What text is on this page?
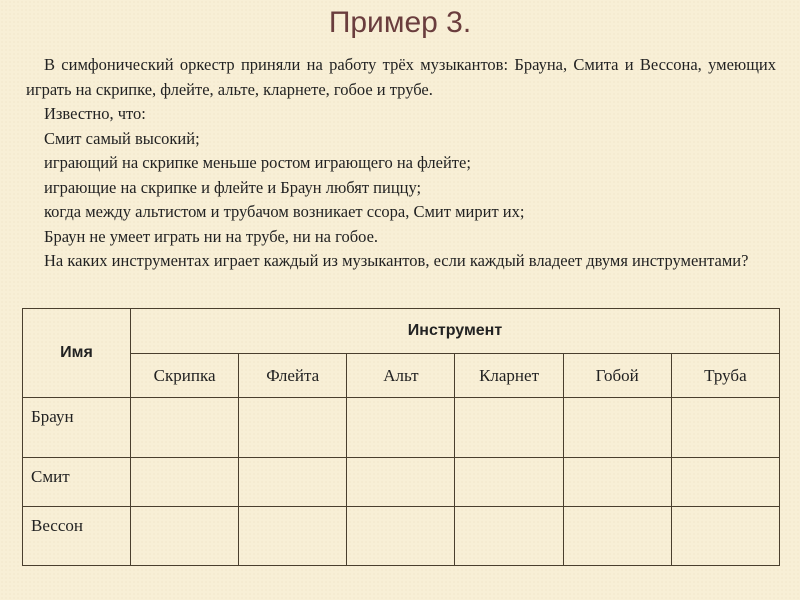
Пример 3.

В симфонический оркестр приняли на работу трёх музыкантов: Брауна, Смита и Вессона, умеющих играть на скрипке, флейте, альте, кларнете, гобое и трубе.

Известно, что:

Смит самый высокий;

играющий на скрипке меньше ростом играющего на флейте;

играющие на скрипке и флейте и Браун любят пиццу;

когда между альтистом и трубачом возникает ссора, Смит мирит их;

Браун не умеет играть ни на трубе, ни на гобое.

На каких инструментах играет каждый из музыкантов, если каждый владеет двумя инструментами?

Имя	Инструмент					
	Скрипка	Флейта	Альт	Кларнет	Гобой	Труба
Браун						
Смит						
Вессон						
